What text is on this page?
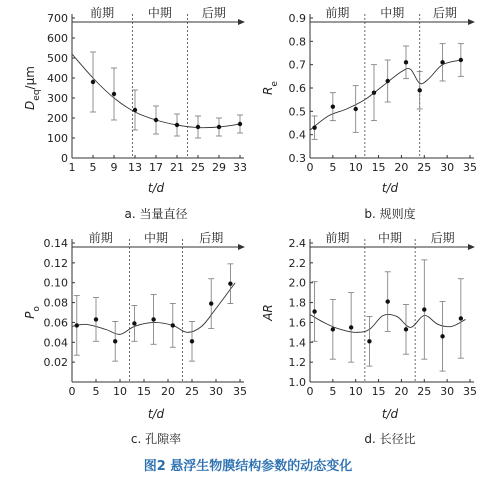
图2 悬浮生物膜结构参数的动态变化
1 5 9 13 17 21 25 29 33
0
100
200
300
400
500
600
700 前期	中期 后期
t/d
$D_{eq}/\mu m$
a. 当量直径
0 5 10 15 20 25 30 35
0.3
0.4
0.5
0.6
0.7
0.8
0.9 前期	中期 后期
t/d
$R_e$
b. 规则度
0 5 10 15 20 25 30 35
0.02
0.04
0.06
0.08
0.10
0.12
0.14 前期	中期	后期
t/d
$P_o$
c. 孔隙率
0 5 10 15 20 25 30 35
1.0
1.2
1.4
1.6
1.8
2.0
2.2
2.4 前期 中期 后期
t/d
AR
d. 长径比
